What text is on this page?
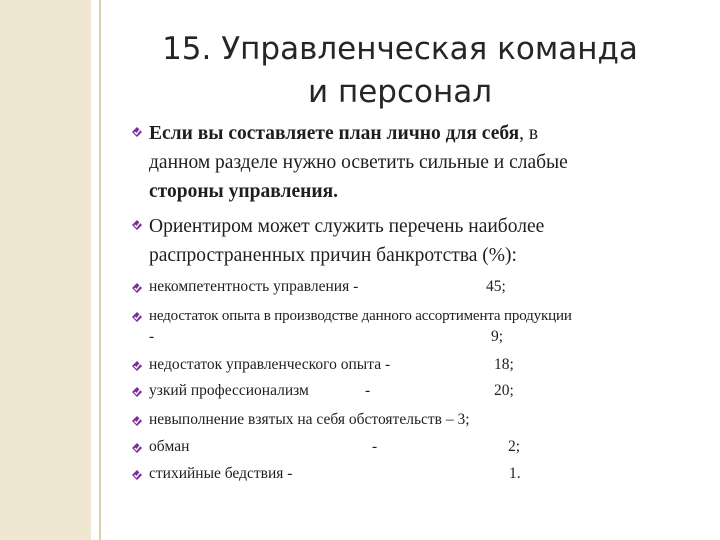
15. Управленческая команда
и персонал
Если вы составляете план лично для себя, в
данном разделе нужно осветить сильные и слабые
стороны управления.
Ориентиром может служить перечень наиболее
распространенных причин банкротства (%):
некомпетентность управления -	45;
недостаток опыта в производстве данного ассортимента продукции
-	9;
недостаток управленческого опыта -	18;
узкий профессионализм	-	20;
невыполнение взятых на себя обстоятельств – 3;
обман	-	2;
стихийные бедствия -	1.
